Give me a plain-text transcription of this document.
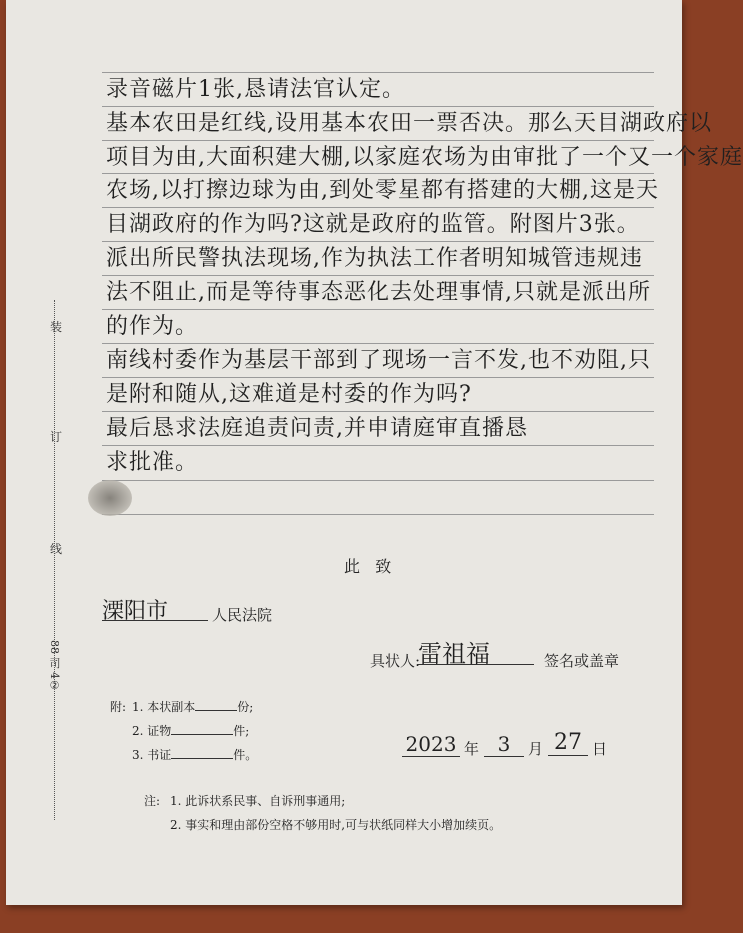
录音磁片1张,恳请法官认定。
基本农田是红线,设用基本农田一票否决。那么天目湖政府以
项目为由,大面积建大棚,以家庭农场为由审批了一个又一个家庭
农场,以打擦边球为由,到处零星都有搭建的大棚,这是天
目湖政府的作为吗?这就是政府的监管。附图片3张。
派出所民警执法现场,作为执法工作者明知城管违规违
法不阻止,而是等待事态恶化去处理事情,只就是派出所
的作为。
南线村委作为基层干部到了现场一言不发,也不劝阻,只
是附和随从,这难道是村委的作为吗?
最后恳求法庭追责问责,并申请庭审直播恳
求批准。
装
订
线
88 司 4②
此   致
溧阳市	人民法院
具状人:
雷祖福	签名或盖章
附: 1. 本状副本	份;
2. 证物	件;
3. 书证	件。	2023 年 3	月 27 日
注: 1. 此诉状系民事、自诉刑事通用;
2. 事实和理由部份空格不够用时,可与状纸同样大小增加续页。
